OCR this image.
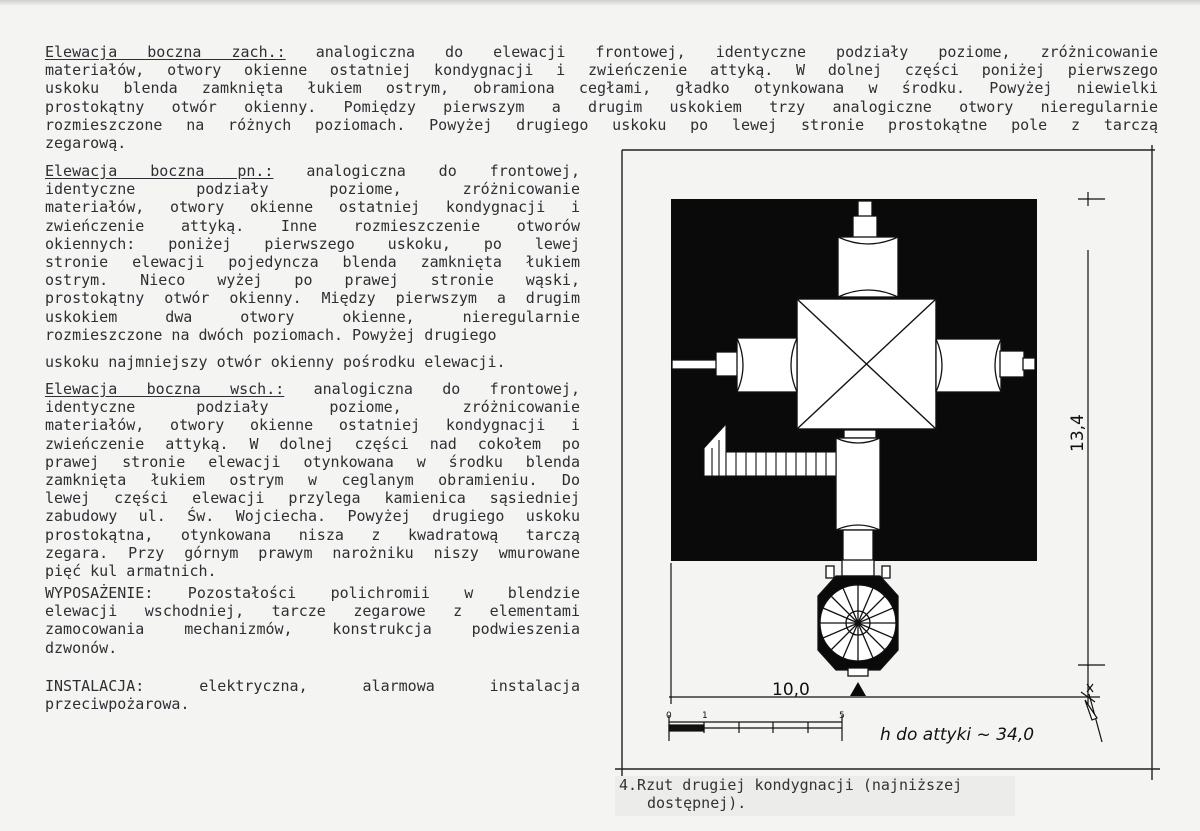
Elewacja boczna zach.: analogiczna do elewacji frontowej, identyczne podziały poziome, zróżnicowanie
materiałów, otwory okienne ostatniej kondygnacji i zwieńczenie attyką. W dolnej części poniżej pierwszego
uskoku blenda zamknięta łukiem ostrym, obramiona cegłami, gładko otynkowana w środku. Powyżej niewielki
prostokątny otwór okienny. Pomiędzy pierwszym a drugim uskokiem trzy analogiczne otwory nieregularnie
rozmieszczone na różnych poziomach. Powyżej drugiego uskoku po lewej stronie prostokątne pole z tarczą
zegarową.
Elewacja boczna pn.: analogiczna do frontowej,
identyczne podziały poziome, zróżnicowanie
materiałów, otwory okienne ostatniej kondygnacji i
zwieńczenie attyką. Inne rozmieszczenie otworów
okiennych: poniżej pierwszego uskoku, po lewej
stronie elewacji pojedyncza blenda zamknięta łukiem
ostrym. Nieco wyżej po prawej stronie wąski,
prostokątny otwór okienny. Między pierwszym a drugim
uskokiem dwa otwory okienne, nieregularnie
rozmieszczone na dwóch poziomach. Powyżej drugiego
uskoku najmniejszy otwór okienny pośrodku elewacji.
Elewacja boczna wsch.: analogiczna do frontowej,
identyczne podziały poziome, zróżnicowanie
materiałów, otwory okienne ostatniej kondygnacji i
zwieńczenie attyką. W dolnej części nad cokołem po
prawej stronie elewacji otynkowana w środku blenda
zamknięta łukiem ostrym w ceglanym obramieniu. Do
lewej części elewacji przylega kamienica sąsiedniej
zabudowy ul. Św. Wojciecha. Powyżej drugiego uskoku
prostokątna, otynkowana nisza z kwadratową tarczą
zegara. Przy górnym prawym narożniku niszy wmurowane
pięć kul armatnich.
WYPOSAŻENIE: Pozostałości polichromii w blendzie
elewacji wschodniej, tarcze zegarowe z elementami
zamocowania mechanizmów, konstrukcja podwieszenia
dzwonów.
INSTALACJA: elektryczna, alarmowa instalacja
przeciwpożarowa.
10,0
13,4
0	1	5
h do attyki ~ 34,0
4.Rzut drugiej kondygnacji (najniższej
dostępnej).
